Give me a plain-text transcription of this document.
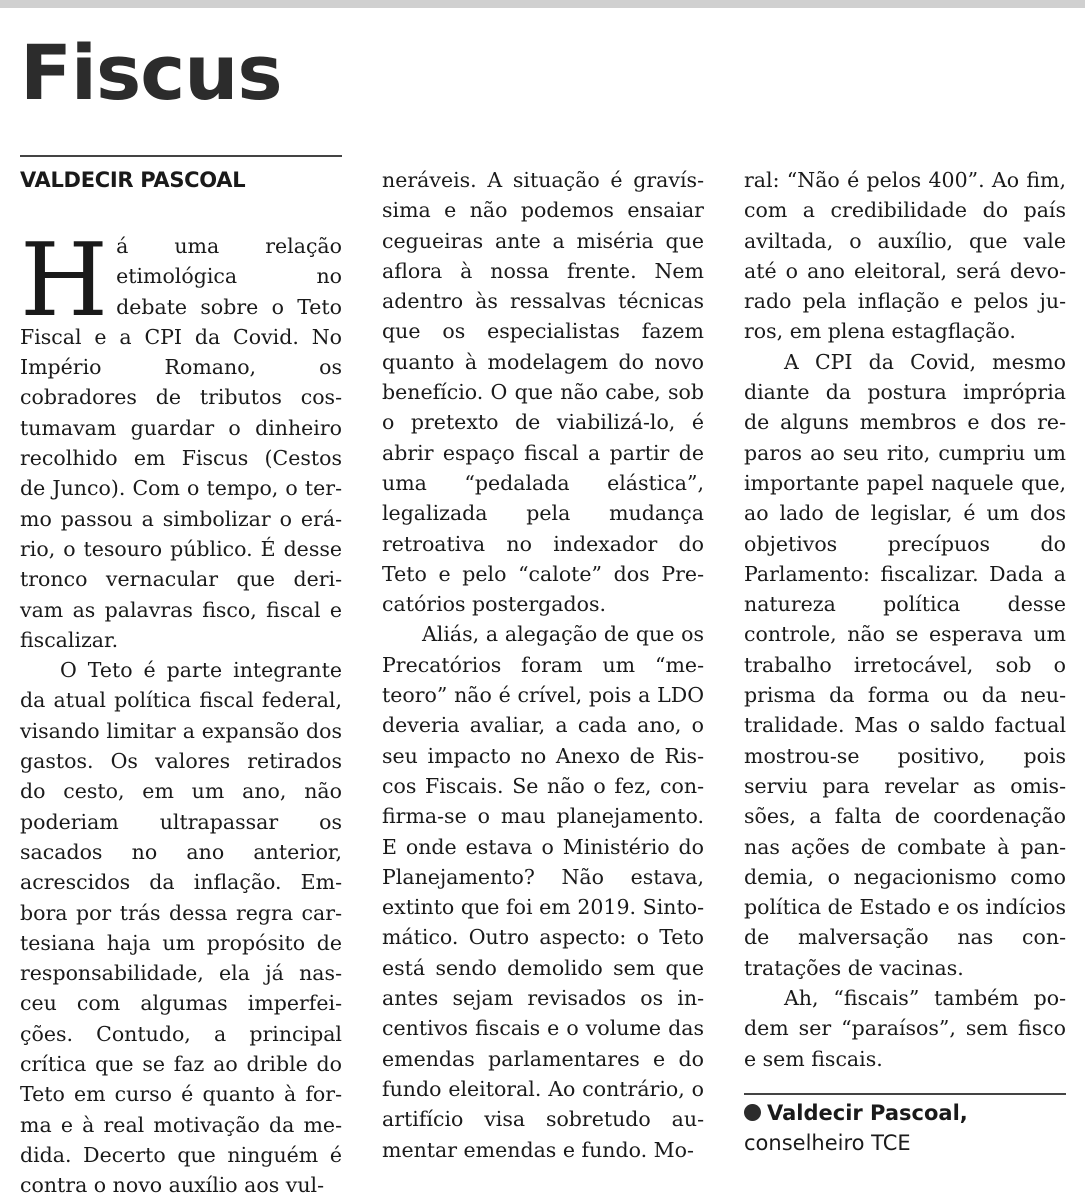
Fiscus
VALDECIR PASCOAL

Há uma relação etimológica no debate sobre o Teto Fiscal e a CPI da Covid. No Império Romano, os cobradores de tributos costumavam guardar o dinheiro recolhido em Fiscus (Cestos de Junco). Com o tempo, o termo passou a simbolizar o erário, o tesouro público. É desse tronco vernacular que derivam as palavras fisco, fiscal e fiscalizar.

O Teto é parte integrante da atual política fiscal federal, visando limitar a expansão dos gastos. Os valores retirados do cesto, em um ano, não poderiam ultrapassar os sacados no ano anterior, acrescidos da inflação. Embora por trás dessa regra cartesiana haja um propósito de responsabilidade, ela já nasceu com algumas imperfeições. Contudo, a principal crítica que se faz ao drible do Teto em curso é quanto à forma e à real motivação da medida. Decerto que ninguém é contra o novo auxílio aos vul-

neráveis. A situação é gravíssima e não podemos ensaiar cegueiras ante a miséria que aflora à nossa frente. Nem adentro às ressalvas técnicas que os especialistas fazem quanto à modelagem do novo benefício. O que não cabe, sob o pretexto de viabilizá-lo, é abrir espaço fiscal a partir de uma “pedalada elástica”, legalizada pela mudança retroativa no indexador do Teto e pelo “calote” dos Precatórios postergados.

Aliás, a alegação de que os Precatórios foram um “meteoro” não é crível, pois a LDO deveria avaliar, a cada ano, o seu impacto no Anexo de Riscos Fiscais. Se não o fez, confirma-se o mau planejamento. E onde estava o Ministério do Planejamento? Não estava, extinto que foi em 2019. Sintomático. Outro aspecto: o Teto está sendo demolido sem que antes sejam revisados os incentivos fiscais e o volume das emendas parlamentares e do fundo eleitoral. Ao contrário, o artifício visa sobretudo aumentar emendas e fundo. Mo-

ral: “Não é pelos 400”. Ao fim, com a credibilidade do país aviltada, o auxílio, que vale até o ano eleitoral, será devorado pela inflação e pelos juros, em plena estagflação.

A CPI da Covid, mesmo diante da postura imprópria de alguns membros e dos reparos ao seu rito, cumpriu um importante papel naquele que, ao lado de legislar, é um dos objetivos precípuos do Parlamento: fiscalizar. Dada a natureza política desse controle, não se esperava um trabalho irretocável, sob o prisma da forma ou da neutralidade. Mas o saldo factual mostrou-se positivo, pois serviu para revelar as omissões, a falta de coordenação nas ações de combate à pandemia, o negacionismo como política de Estado e os indícios de malversação nas contratações de vacinas.

Ah, “fiscais” também podem ser “paraísos”, sem fisco e sem fiscais.

Valdecir Pascoal,
conselheiro TCE
